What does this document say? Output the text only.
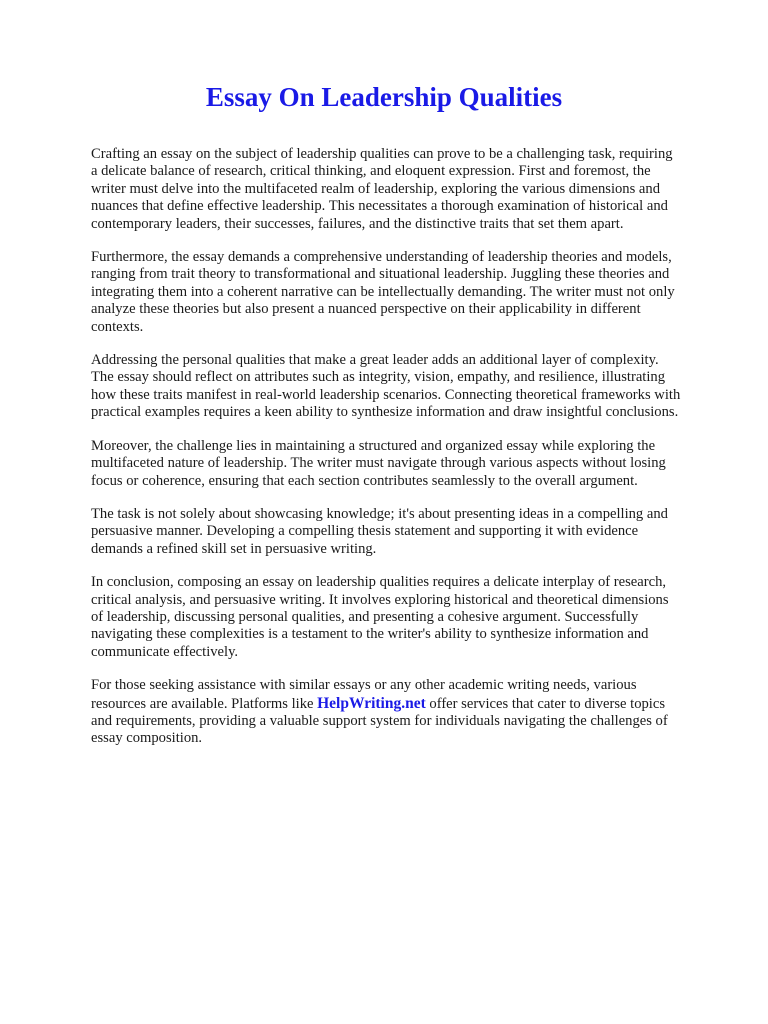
Essay On Leadership Qualities

Crafting an essay on the subject of leadership qualities can prove to be a challenging task, requiring a delicate balance of research, critical thinking, and eloquent expression. First and foremost, the writer must delve into the multifaceted realm of leadership, exploring the various dimensions and nuances that define effective leadership. This necessitates a thorough examination of historical and contemporary leaders, their successes, failures, and the distinctive traits that set them apart.

Furthermore, the essay demands a comprehensive understanding of leadership theories and models, ranging from trait theory to transformational and situational leadership. Juggling these theories and integrating them into a coherent narrative can be intellectually demanding. The writer must not only analyze these theories but also present a nuanced perspective on their applicability in different contexts.

Addressing the personal qualities that make a great leader adds an additional layer of complexity. The essay should reflect on attributes such as integrity, vision, empathy, and resilience, illustrating how these traits manifest in real-world leadership scenarios. Connecting theoretical frameworks with practical examples requires a keen ability to synthesize information and draw insightful conclusions.

Moreover, the challenge lies in maintaining a structured and organized essay while exploring the multifaceted nature of leadership. The writer must navigate through various aspects without losing focus or coherence, ensuring that each section contributes seamlessly to the overall argument.

The task is not solely about showcasing knowledge; it's about presenting ideas in a compelling and persuasive manner. Developing a compelling thesis statement and supporting it with evidence demands a refined skill set in persuasive writing.

In conclusion, composing an essay on leadership qualities requires a delicate interplay of research, critical analysis, and persuasive writing. It involves exploring historical and theoretical dimensions of leadership, discussing personal qualities, and presenting a cohesive argument. Successfully navigating these complexities is a testament to the writer's ability to synthesize information and communicate effectively.

For those seeking assistance with similar essays or any other academic writing needs, various resources are available. Platforms like HelpWriting.net offer services that cater to diverse topics and requirements, providing a valuable support system for individuals navigating the challenges of essay composition.
